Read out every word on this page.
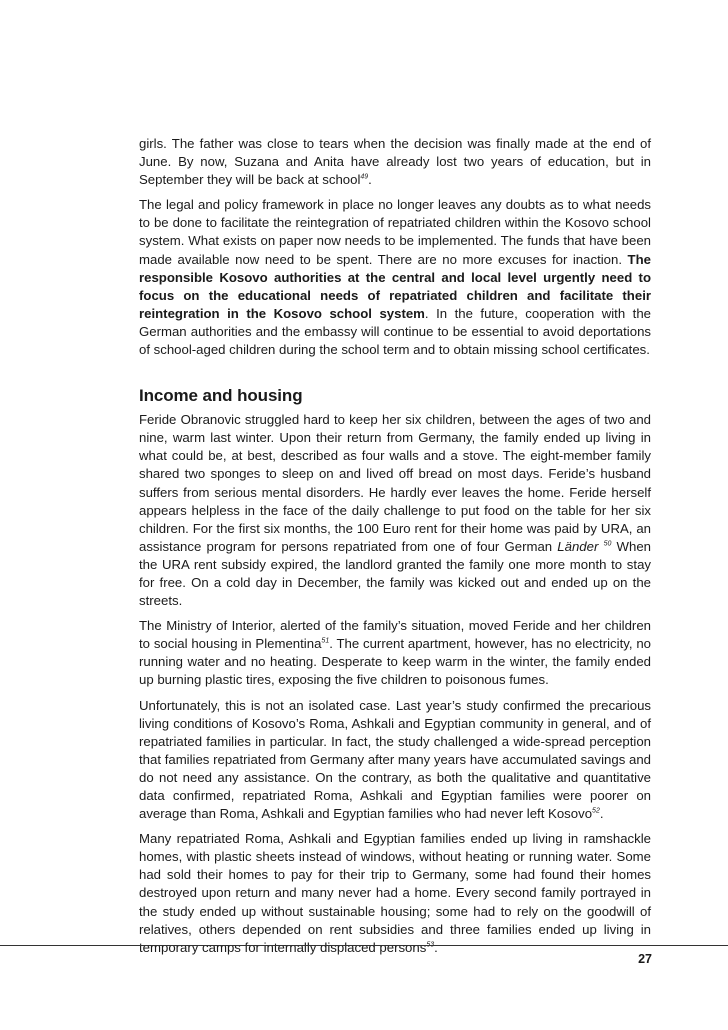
girls. The father was close to tears when the decision was finally made at the end of June. By now, Suzana and Anita have already lost two years of education, but in September they will be back at school$^{49}$.

The legal and policy framework in place no longer leaves any doubts as to what needs to be done to facilitate the reintegration of repatriated children within the Kosovo school system. What exists on paper now needs to be implemented. The funds that have been made available now need to be spent. There are no more excuses for inaction. The responsible Kosovo authorities at the central and local level urgently need to focus on the educational needs of repatriated children and facilitate their reintegration in the Kosovo school system. In the future, cooperation with the German authorities and the embassy will continue to be essential to avoid deportations of school-aged children during the school term and to obtain missing school certificates.

Income and housing

Feride Obranovic struggled hard to keep her six children, between the ages of two and nine, warm last winter. Upon their return from Germany, the family ended up living in what could be, at best, described as four walls and a stove. The eight-member family shared two sponges to sleep on and lived off bread on most days. Feride’s husband suffers from serious mental disorders. He hardly ever leaves the home. Feride herself appears helpless in the face of the daily challenge to put food on the table for her six children. For the first six months, the 100 Euro rent for their home was paid by URA, an assistance program for persons repatriated from one of four German Länder $^{50}$ When the URA rent subsidy expired, the landlord granted the family one more month to stay for free. On a cold day in December, the family was kicked out and ended up on the streets.

The Ministry of Interior, alerted of the family’s situation, moved Feride and her children to social housing in Plementina$^{51}$. The current apartment, however, has no electricity, no running water and no heating. Desperate to keep warm in the winter, the family ended up burning plastic tires, exposing the five children to poisonous fumes.

Unfortunately, this is not an isolated case. Last year’s study confirmed the precarious living conditions of Kosovo’s Roma, Ashkali and Egyptian community in general, and of repatriated families in particular. In fact, the study challenged a wide-spread perception that families repatriated from Germany after many years have accumulated savings and do not need any assistance. On the contrary, as both the qualitative and quantitative data confirmed, repatriated Roma, Ashkali and Egyptian families were poorer on average than Roma, Ashkali and Egyptian families who had never left Kosovo$^{52}$.

Many repatriated Roma, Ashkali and Egyptian families ended up living in ramshackle homes, with plastic sheets instead of windows, without heating or running water. Some had sold their homes to pay for their trip to Germany, some had found their homes destroyed upon return and many never had a home. Every second family portrayed in the study ended up without sustainable housing; some had to rely on the goodwill of relatives, others depended on rent subsidies and three families ended up living in temporary camps for internally displaced persons$^{53}$.

27
